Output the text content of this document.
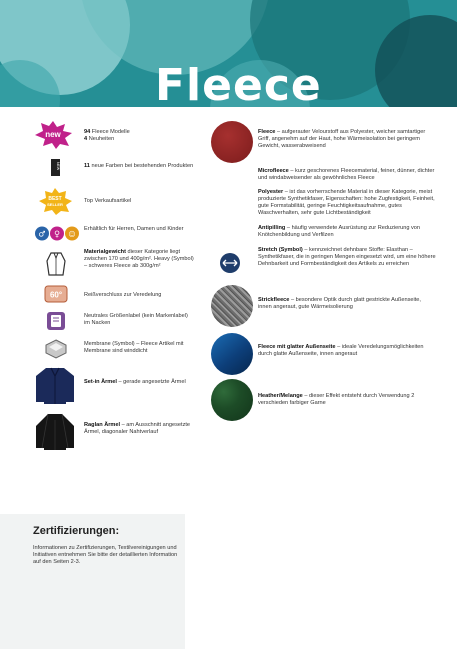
Fleece
new	94 Fleece Modelle
4 Neuheiten
NEW	11 neue Farben bei bestehenden Produkten
BEST
SELLER
Top Verkaufsartikel
♂ ♀ ☺
Erhältlich für Herren, Damen und Kinder
Materialgewicht dieser Kategorie liegt zwischen 170 und 400g/m². Heavy (Symbol) – schweres Fleece ab 300g/m²
60°	Reißverschluss zur Veredelung
Neutrales Größenlabel (kein Markenlabel) im Nacken
Membrane (Symbol) – Fleece Artikel mit Membrane sind winddicht
Set-in Ärmel – gerade angesetzte Ärmel
Raglan Ärmel – am Ausschnitt angesetzte Ärmel, diagonaler Nahtverlauf
Fleece – aufgerauter Velourstoff aus Polyester, weicher samtartiger Griff, angenehm auf der Haut, hohe Wärmeisolation bei geringem Gewicht, wasserabweisend
Microfleece – kurz geschorenes Fleecematerial, feiner, dünner, dichter und windabweisender als gewöhnliches Fleece
Polyester – ist das vorherrschende Material in dieser Kategorie, meist produzierte Synthetikfaser, Eigenschaften: hohe Zugfestigkeit, Feinheit, gute Formstabilität, geringe Feuchtigkeitsaufnahme, gutes Waschverhalten, sehr gute Lichtbeständigkeit
Antipilling – häufig verwendete Ausrüstung zur Reduzierung von Knötchenbildung und Verfilzen
Stretch (Symbol) – kennzeichnet dehnbare Stoffe: Elasthan – Synthetikfaser, die in geringen Mengen eingesetzt wird, um eine höhere Dehnbarkeit und Formbeständigkeit des Artikels zu erreichen
Strickfleece – besondere Optik durch glatt gestrickte Außenseite, innen angeraut, gute Wärmeisolierung
Fleece mit glatter Außenseite – ideale Veredelungsmöglichkeiten durch glatte Außenseite, innen angeraut
Heather/Melange – dieser Effekt entsteht durch Verwendung 2 verschieden farbiger Garne
Zertifizierungen:
Informationen zu Zertifizierungen, Textilvereinigungen und Initiativen entnehmen Sie bitte der detaillierten Information auf den Seiten 2-3.
